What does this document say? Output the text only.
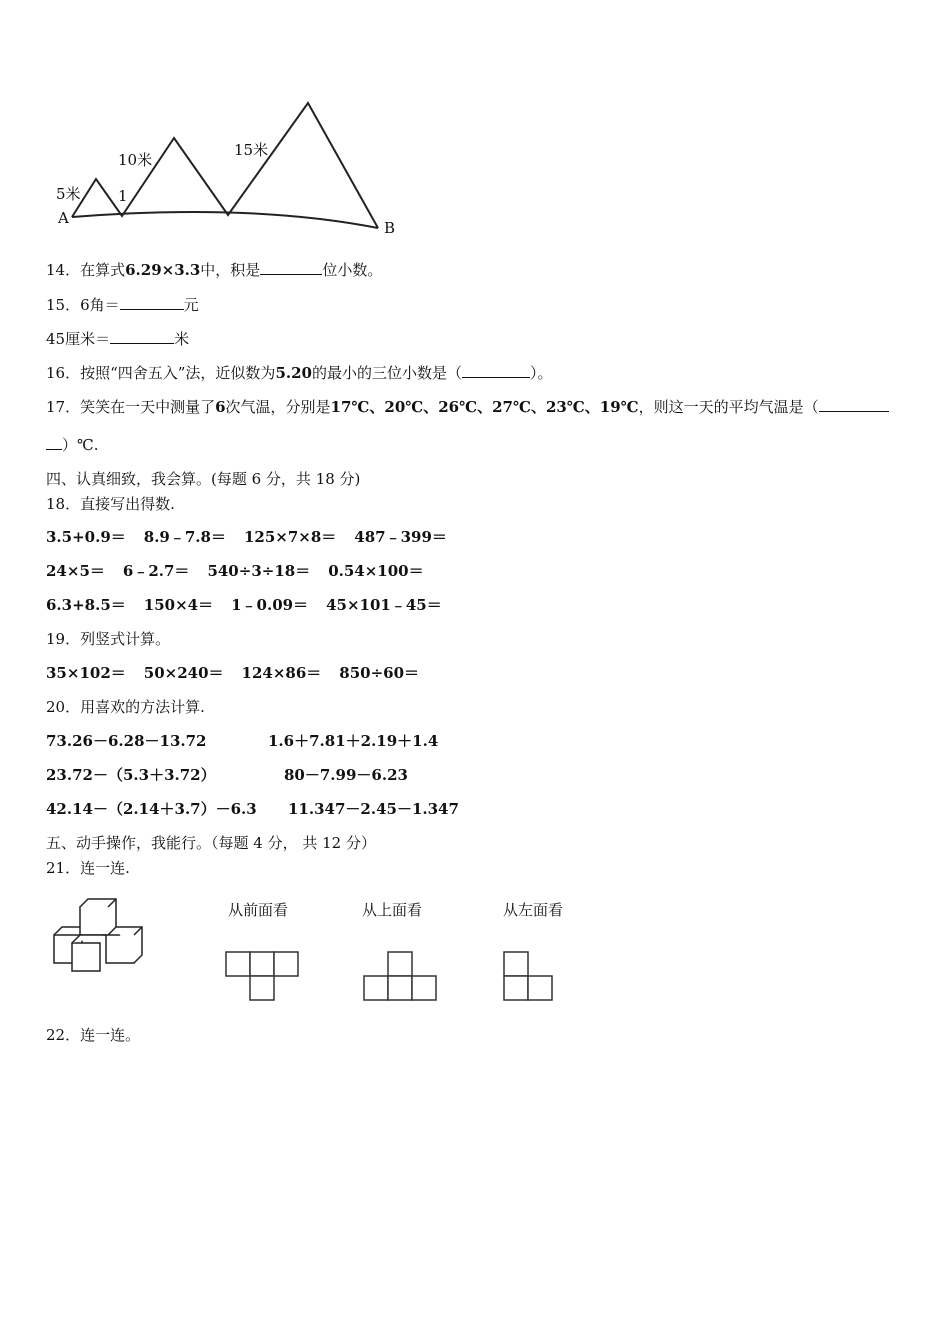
5米 1
10米
15米
A
B
14．在算式6.29×3.3中，积是	位小数。
15．6角＝	元
45厘米＝	米
16．按照“四舍五入”法，近似数为5.20的最小的三位小数是（	）。
17．笑笑在一天中测量了6次气温，分别是17℃、20℃、26℃、27℃、23℃、19℃，则这一天的平均气温是（
）℃.
四、认真细致，我会算。(每题 6 分，共 18 分)
18．直接写出得数.
3.5+0.9＝ 8.9﹣7.8＝ 125×7×8＝ 487﹣399＝
24×5＝ 6﹣2.7＝ 540÷3÷18＝ 0.54×100＝
6.3+8.5＝ 150×4＝ 1﹣0.09＝ 45×101﹣45＝
19．列竖式计算。
35×102＝ 50×240＝ 124×86＝ 850÷60＝
20．用喜欢的方法计算.
73.26－6.28－13.72	1.6＋7.81＋2.19＋1.4
23.72－（5.3＋3.72）	80－7.99－6.23
42.14－（2.14＋3.7）－6.3 11.347－2.45－1.347
五、动手操作，我能行。（每题 4 分， 共 12 分）
21．连一连.
从前面看	从上面看	从左面看
22．连一连。
